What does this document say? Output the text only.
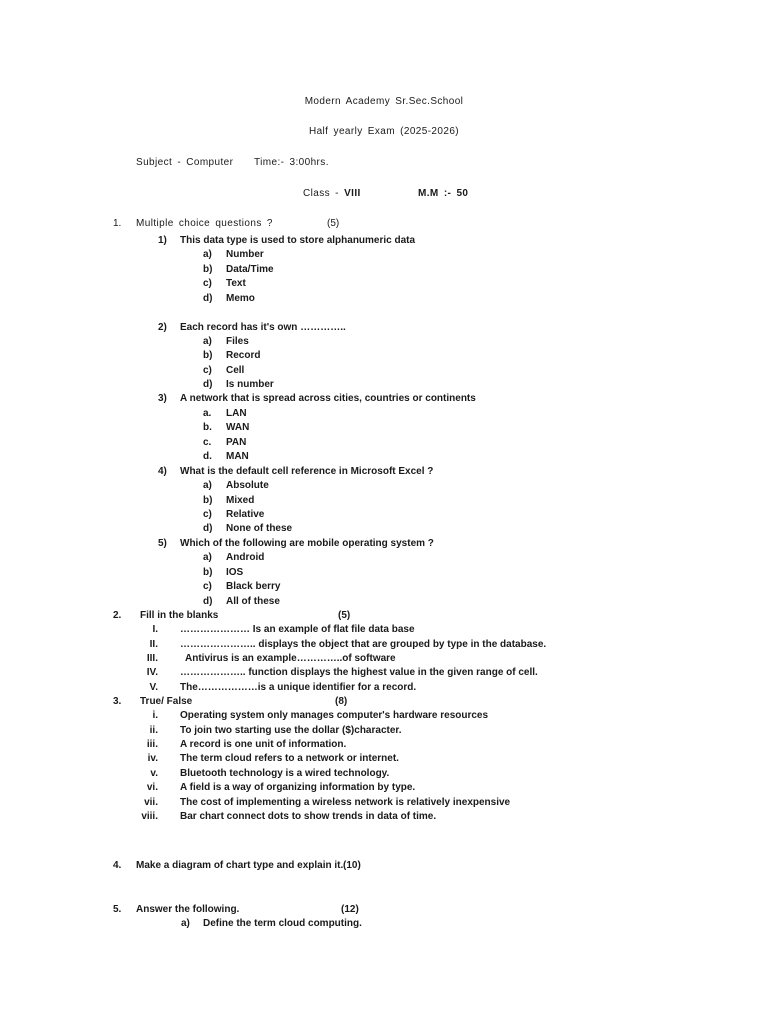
Modern Academy Sr.Sec.School
Half yearly Exam (2025-2026)
Subject - Computer Time:- 3:00hrs.
Class - VIII	M.M :- 50
1. Multiple choice questions ?	(5)
1) This data type is used to store alphanumeric data
a) Number
b) Data/Time
c) Text
d) Memo
2) Each record has it's own …………..
a) Files
b) Record
c) Cell
d) Is number
3) A network that is spread across cities, countries or continents
a. LAN
b. WAN
c. PAN
d. MAN
4) What is the default cell reference in Microsoft Excel ?
a) Absolute
b) Mixed
c) Relative
d) None of these
5) Which of the following are mobile operating system ?
a) Android
b) IOS
c) Black berry
d) All of these
2. Fill in the blanks	(5)
I. ………………… Is an example of flat file data base
II. ………………….. displays the object that are grouped by type in the database.
III.	Antivirus is an example…………..of software
IV. ……………….. function displays the highest value in the given range of cell.
V. The………………is a unique identifier for a record.
3. True/ False	(8)
i. Operating system only manages computer's hardware resources
ii. To join two starting use the dollar ($)character.
iii. A record is one unit of information.
iv. The term cloud refers to a network or internet.
v. Bluetooth technology is a wired technology.
vi. A field is a way of organizing information by type.
vii. The cost of implementing a wireless network is relatively inexpensive
viii. Bar chart connect dots to show trends in data of time.
4. Make a diagram of chart type and explain it. (10)
5. Answer the following.	(12)
a) Define the term cloud computing.
